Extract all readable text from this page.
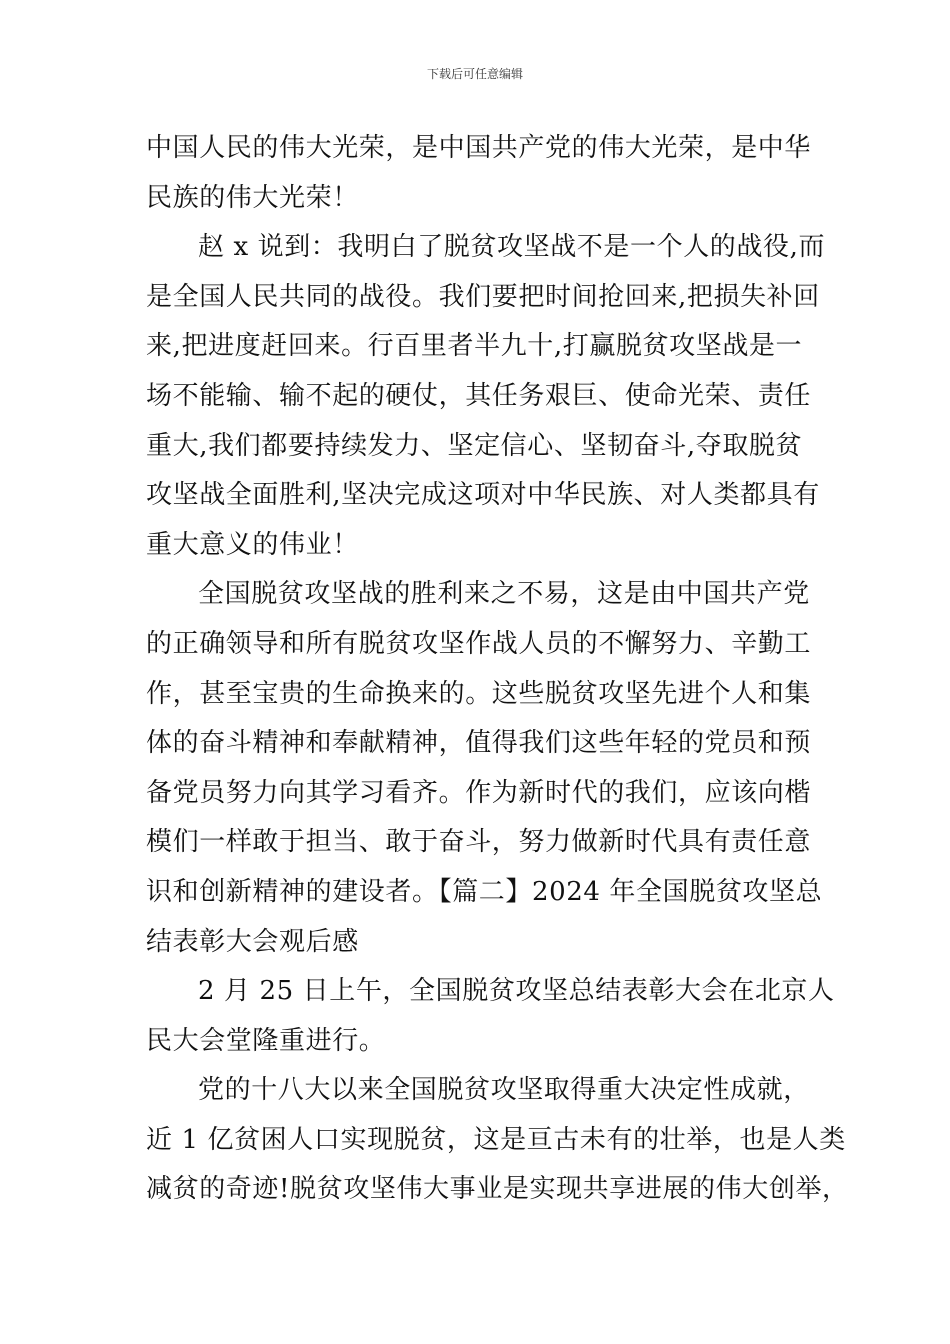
下载后可任意编辑
中国人民的伟大光荣，是中国共产党的伟大光荣，是中华
民族的伟大光荣！
赵 x 说到：我明白了脱贫攻坚战不是一个人的战役,而
是全国人民共同的战役。我们要把时间抢回来,把损失补回
来,把进度赶回来。行百里者半九十,打赢脱贫攻坚战是一
场不能输、输不起的硬仗，其任务艰巨、使命光荣、责任
重大,我们都要持续发力、坚定信心、坚韧奋斗,夺取脱贫
攻坚战全面胜利,坚决完成这项对中华民族、对人类都具有
重大意义的伟业！
全国脱贫攻坚战的胜利来之不易，这是由中国共产党
的正确领导和所有脱贫攻坚作战人员的不懈努力、辛勤工
作，甚至宝贵的生命换来的。这些脱贫攻坚先进个人和集
体的奋斗精神和奉献精神，值得我们这些年轻的党员和预
备党员努力向其学习看齐。作为新时代的我们，应该向楷
模们一样敢于担当、敢于奋斗，努力做新时代具有责任意
识和创新精神的建设者。【篇二】2024 年全国脱贫攻坚总
结表彰大会观后感
2 月 25 日上午，全国脱贫攻坚总结表彰大会在北京人
民大会堂隆重进行。
党的十八大以来全国脱贫攻坚取得重大决定性成就，
近 1 亿贫困人口实现脱贫，这是亘古未有的壮举，也是人类
减贫的奇迹!脱贫攻坚伟大事业是实现共享进展的伟大创举，
